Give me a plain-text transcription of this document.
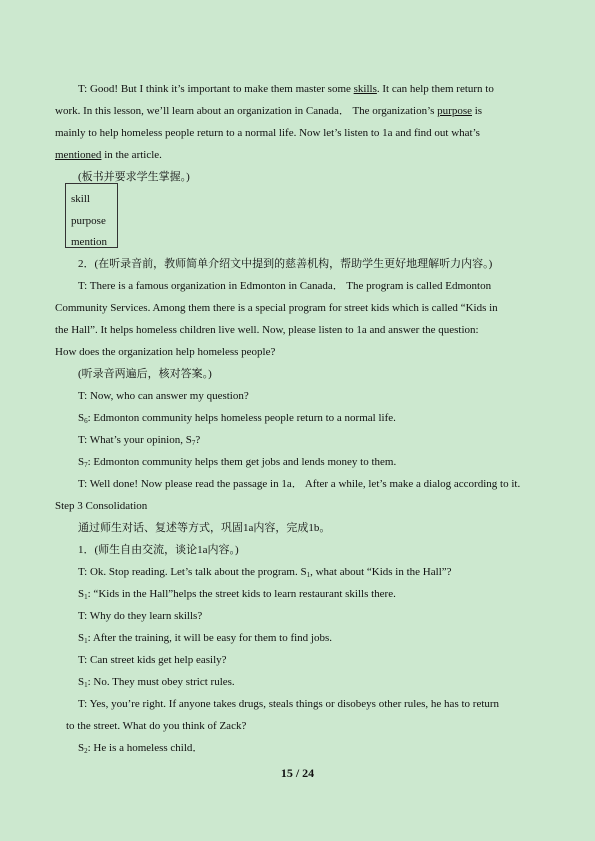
T: Good! But I think it’s important to make them master some skills. It can help them return to
work. In this lesson, we’ll learn about an organization in Canada． The organization’s purpose is
mainly to help homeless people return to a normal life. Now let’s listen to 1a and find out what’s
mentioned in the article.
(板书并要求学生掌握。)
skill
purpose
mention
2．(在听录音前，教师简单介绍文中提到的慈善机构，帮助学生更好地理解听力内容。)
T: There is a famous organization in Edmonton in Canada． The program is called Edmonton
Community Services. Among them there is a special program for street kids which is called “Kids in
the Hall”. It helps homeless children live well. Now, please listen to 1a and answer the question:
How does the organization help homeless people?
(听录音两遍后，核对答案。)
T: Now, who can answer my question?
$S_6$: Edmonton community helps homeless people return to a normal life.
T: What’s your opinion, $S_7$?
$S_7$: Edmonton community helps them get jobs and lends money to them.
T: Well done! Now please read the passage in 1a． After a while, let’s make a dialog according to it.
Step 3 Consolidation
通过师生对话、复述等方式，巩固1a内容，完成1b。
1．(师生自由交流，谈论1a内容。)
T: Ok. Stop reading. Let’s talk about the program. $S_1$, what about “Kids in the Hall”?
$S_1$: “Kids in the Hall”helps the street kids to learn restaurant skills there.
T: Why do they learn skills?
$S_1$: After the training, it will be easy for them to find jobs.
T: Can street kids get help easily?
$S_1$: No. They must obey strict rules.
T: Yes, you’re right. If anyone takes drugs, steals things or disobeys other rules, he has to return
to the street. What do you think of Zack?
$S_2$: He is a homeless child．
15 / 24
